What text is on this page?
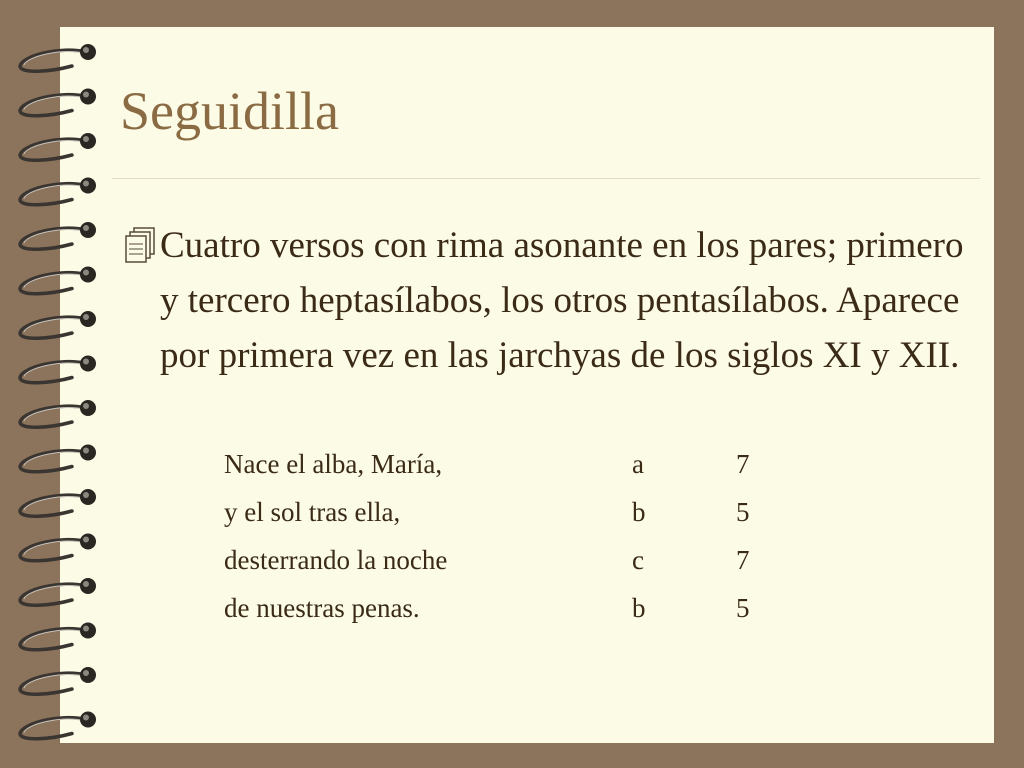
Seguidilla

Cuatro versos con rima asonante en los pares; primero y tercero heptasílabos, los otros pentasílabos. Aparece por primera vez en las jarchyas de los siglos XI y XII.

Nace el alba, María,	a	7
y el sol tras ella,	b	5
desterrando la noche	c	7
de nuestras penas.	b	5
